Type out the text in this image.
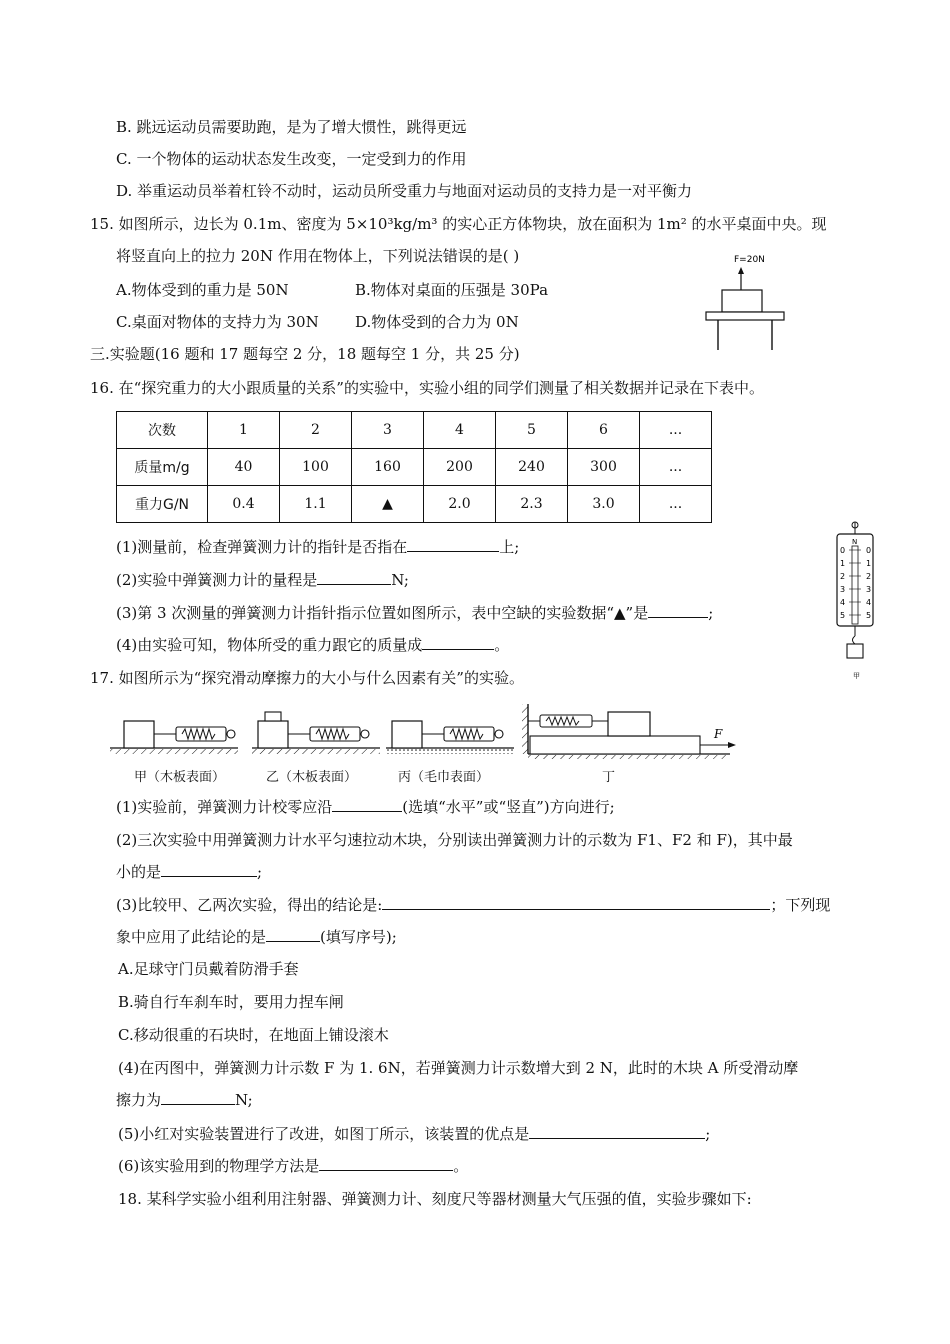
B. 跳远运动员需要助跑，是为了增大惯性，跳得更远
C. 一个物体的运动状态发生改变，一定受到力的作用
D. 举重运动员举着杠铃不动时，运动员所受重力与地面对运动员的支持力是一对平衡力
15. 如图所示，边长为 0.1m、密度为 5×10³kg/m³ 的实心正方体物块，放在面积为 1m² 的水平桌面中央。现
将竖直向上的拉力 20N 作用在物体上，下列说法错误的是( )
A.物体受到的重力是 50N	B.物体对桌面的压强是 30Pa
C.桌面对物体的支持力为 30N D.物体受到的合力为 0N
F=20N
三.实验题(16 题和 17 题每空 2 分，18 题每空 1 分，共 25 分)
16. 在“探究重力的大小跟质量的关系”的实验中，实验小组的同学们测量了相关数据并记录在下表中。
次数	1	2	3	4	5	6	...
质量m/g	40	100	160	200	240	300	...
重力G/N	0.4	1.1	▲	2.0	2.3	3.0	...
(1)测量前，检查弹簧测力计的指针是否指在	上;
(2)实验中弹簧测力计的量程是	N;
(3)第 3 次测量的弹簧测力计指针指示位置如图所示，表中空缺的实验数据“▲”是	;
(4)由实验可知，物体所受的重力跟它的质量成	。
N
0	0
1	1
2	2
3	3
4	4
5	5
甲
17. 如图所示为“探究滑动摩擦力的大小与什么因素有关”的实验。
F
甲（木板表面）	乙（木板表面）	丙（毛巾表面）	丁
(1)实验前，弹簧测力计校零应沿	(选填“水平”或“竖直”)方向进行;
(2)三次实验中用弹簧测力计水平匀速拉动木块，分别读出弹簧测力计的示数为 F1、F2 和 F)，其中最
小的是	;
(3)比较甲、乙两次实验，得出的结论是:	；下列现
象中应用了此结论的是	(填写序号);
A.足球守门员戴着防滑手套
B.骑自行车刹车时，要用力捏车闸
C.移动很重的石块时，在地面上铺设滚木
(4)在丙图中，弹簧测力计示数 F 为 1. 6N，若弹簧测力计示数增大到 2 N，此时的木块 A 所受滑动摩
擦力为	N;
(5)小红对实验装置进行了改进，如图丁所示，该装置的优点是	;
(6)该实验用到的物理学方法是	。
18. 某科学实验小组利用注射器、弹簧测力计、刻度尺等器材测量大气压强的值，实验步骤如下:
